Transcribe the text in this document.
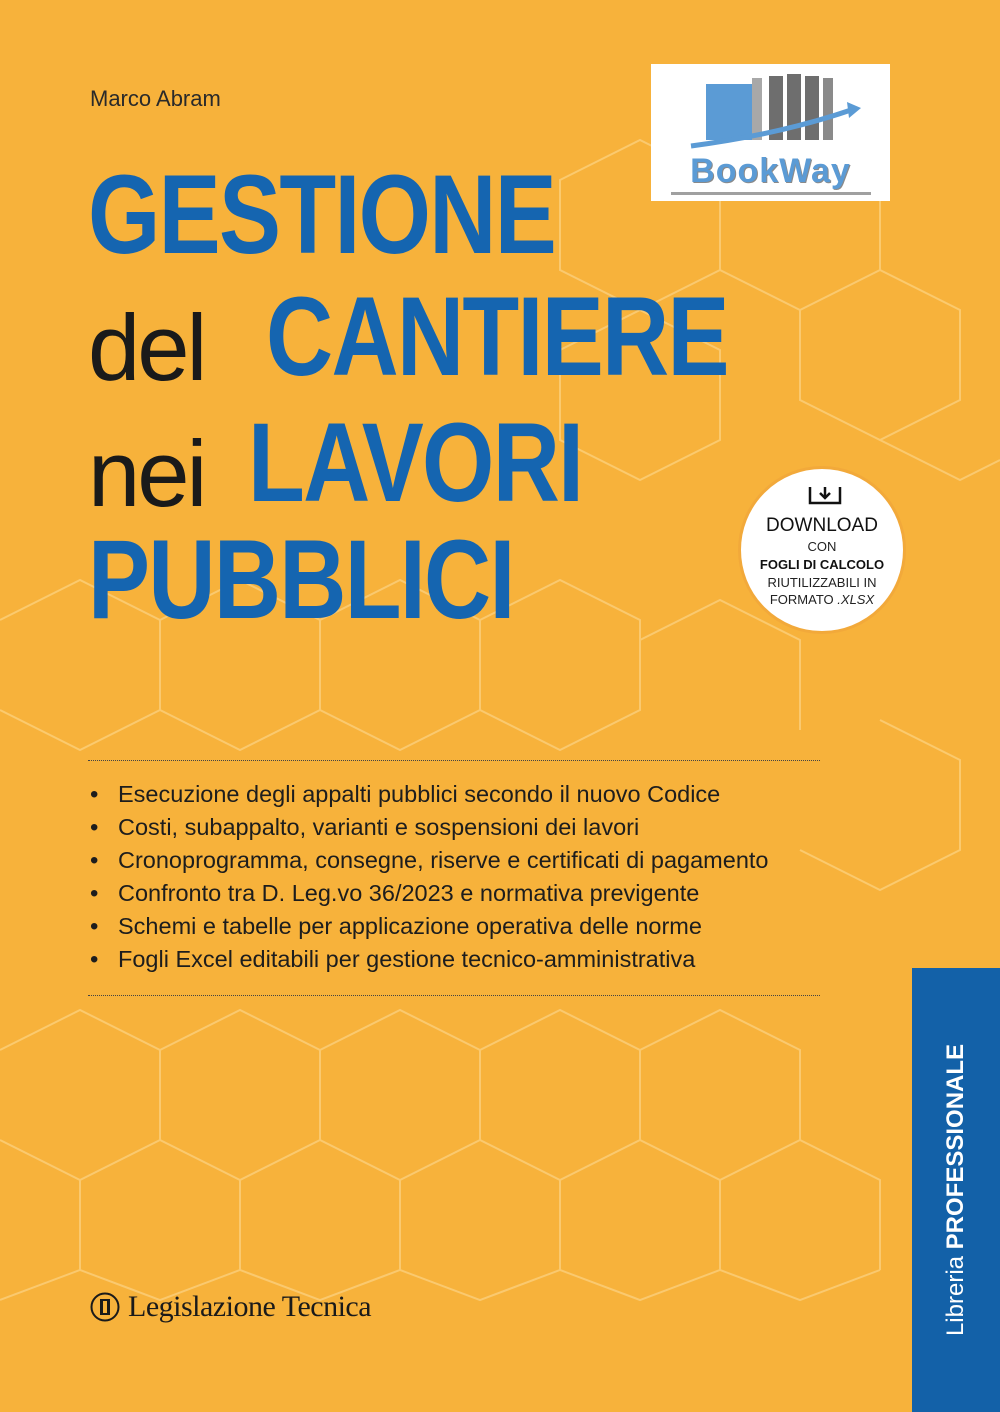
Marco Abram
BookWay
GESTIONE
del CANTIERE
nei LAVORI
PUBBLICI	DOWNLOAD
CON
FOGLI DI CALCOLO
RIUTILIZZABILI IN
FORMATO .XLSX
• Esecuzione degli appalti pubblici secondo il nuovo Codice
• Costi, subappalto, varianti e sospensioni dei lavori
• Cronoprogramma, consegne, riserve e certificati di pagamento
• Confronto tra D. Leg.vo 36/2023 e normativa previgente
• Schemi e tabelle per applicazione operativa delle norme
• Fogli Excel editabili per gestione tecnico-amministrativa
Libreria PROFESSIONALE
Legislazione Tecnica
